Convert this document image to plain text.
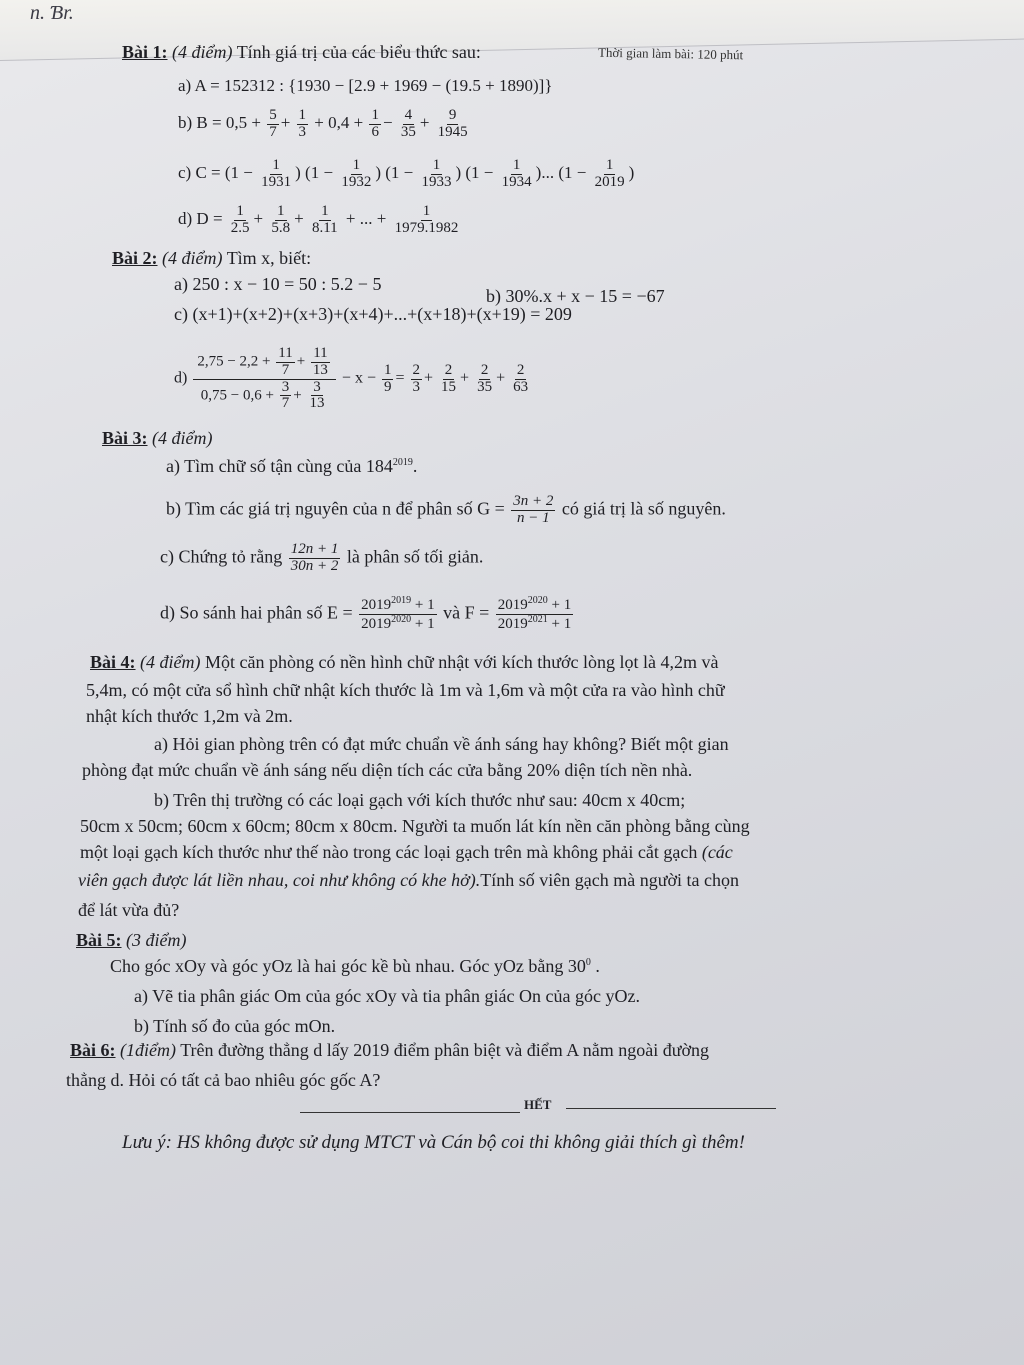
n. Ɓr.
Thời gian làm bài: 120 phút
Bài 1: (4 điểm) Tính giá trị của các biểu thức sau:
a) A = 152312 : {1930 − [2.9 + 1969 − (19.5 + 1890)]}
b) $B = 0,5 + \frac{5}{7} + \frac{1}{3} + 0,4 + \frac{1}{6} - \frac{4}{35} + \frac{9}{1945}$
c) $C = (1 - \frac{1}{1931}$ ) ($1 - \frac{1}{1932}$ ) ($1 - \frac{1}{1933}$ ) ($1 - \frac{1}{1934}$ )... ($1 - \frac{1}{2019}$ )
d) $D = \frac{1}{2.5} + \frac{1}{5.8} + \frac{1}{8.11}$ + ... + $\frac{1}{1979.1982}$
Bài 2: (4 điểm) Tìm x, biết:
a) 250 : x − 10 = 50 : 5.2 − 5
b) 30%.x + x − 15 = −67
c) (x+1)+(x+2)+(x+3)+(x+4)+...+(x+18)+(x+19) = 209
$d) \frac{2,75 - 2,2 + \frac{11}{7} + \frac{11}{13}}{0,75 - 0,6 + \frac{3}{7} + \frac{3}{13}} - x - \frac{1}{9} = \frac{2}{3} + \frac{2}{15} + \frac{2}{35} + \frac{2}{63}$
Bài 3: (4 điểm)
a) Tìm chữ số tận cùng của $184^{2019}$.
b) Tìm các giá trị nguyên của n để phân số $G = \frac{3n + 2}{n - 1}$ có giá trị là số nguyên.
c) Chứng tỏ rằng $\frac{12n + 1}{30n + 2}$ là phân số tối giản.
d) So sánh hai phân số $E = \frac{2019^{2019} + 1}{2019^{2020} + 1}$ và $F = \frac{2019^{2020} + 1}{2019^{2021} + 1}$
Bài 4: (4 điểm) Một căn phòng có nền hình chữ nhật với kích thước lòng lọt là 4,2m và
5,4m, có một cửa sổ hình chữ nhật kích thước là 1m và 1,6m và một cửa ra vào hình chữ
nhật kích thước 1,2m và 2m.
a) Hỏi gian phòng trên có đạt mức chuẩn về ánh sáng hay không? Biết một gian
phòng đạt mức chuẩn về ánh sáng nếu diện tích các cửa bằng 20% diện tích nền nhà.
b) Trên thị trường có các loại gạch với kích thước như sau: 40cm x 40cm;
50cm x 50cm; 60cm x 60cm; 80cm x 80cm. Người ta muốn lát kín nền căn phòng bằng cùng
một loại gạch kích thước như thế nào trong các loại gạch trên mà không phải cắt gạch (các
viên gạch được lát liền nhau, coi như không có khe hở).Tính số viên gạch mà người ta chọn
để lát vừa đủ?
Bài 5: (3 điểm)
Cho góc xOy và góc yOz là hai góc kề bù nhau. Góc yOz bằng $30^0$ .
a) Vẽ tia phân giác Om của góc xOy và tia phân giác On của góc yOz.
b) Tính số đo của góc mOn.
Bài 6: (1điểm) Trên đường thẳng d lấy 2019 điểm phân biệt và điểm A nằm ngoài đường
thẳng d. Hỏi có tất cả bao nhiêu góc gốc A?
HẾT
Lưu ý: HS không được sử dụng MTCT và Cán bộ coi thi không giải thích gì thêm!
